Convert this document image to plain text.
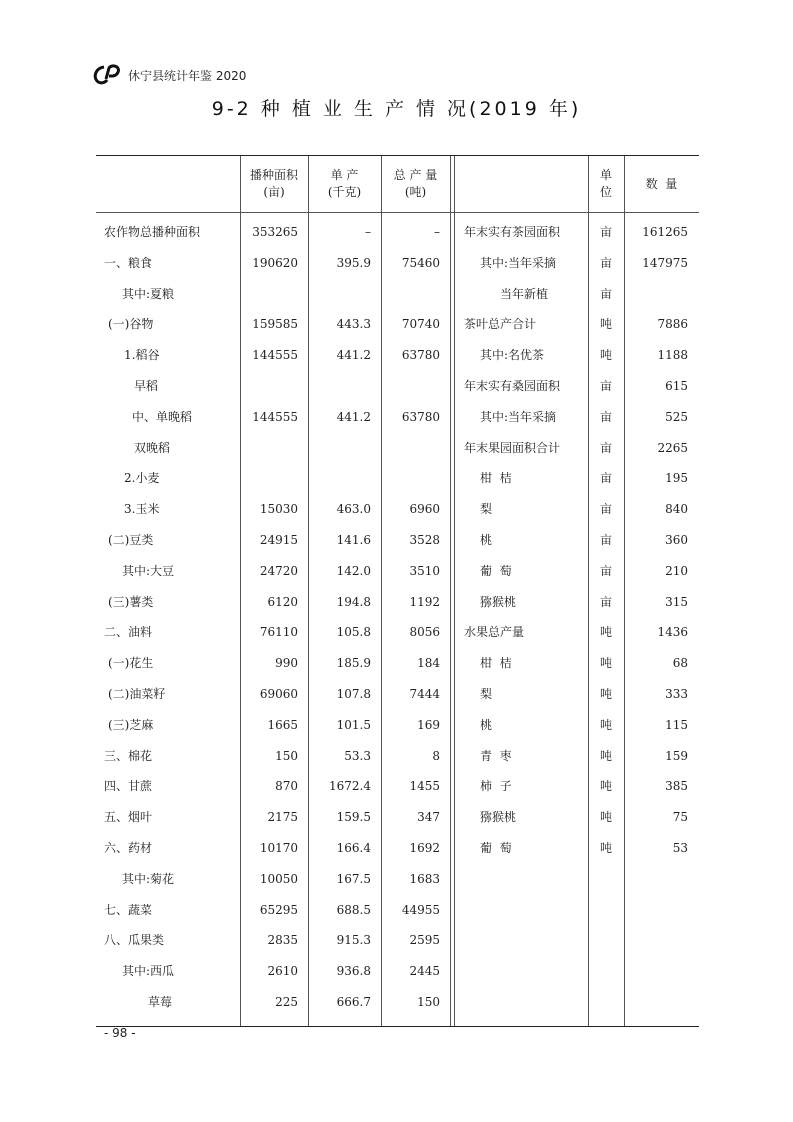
休宁县统计年鉴 2020
9-2 种 植 业 生 产 情 况(2019 年)
播种面积
(亩)
单 产
(千克)
总 产 量
(吨)
单
位
数  量
农作物总播种面积	353265	–	–
一、粮食	190620	395.9	75460
其中:夏粮
(一)谷物	159585	443.3	70740
1.稻谷	144555	441.2	63780
早稻
中、单晚稻	144555	441.2	63780
双晚稻
2.小麦
3.玉米	15030	463.0	6960
(二)豆类	24915	141.6	3528
其中:大豆	24720	142.0	3510
(三)薯类	6120	194.8	1192
二、油料	76110	105.8	8056
(一)花生	990	185.9	184
(二)油菜籽	69060	107.8	7444
(三)芝麻	1665	101.5	169
三、棉花	150	53.3	8
四、甘蔗	870	1672.4	1455
五、烟叶	2175	159.5	347
六、药材	10170	166.4	1692
其中:菊花	10050	167.5	1683
七、蔬菜	65295	688.5	44955
八、瓜果类	2835	915.3	2595
其中:西瓜	2610	936.8	2445
草莓	225	666.7	150
年末实有茶园面积	亩	161265
其中:当年采摘	亩	147975
当年新植	亩
茶叶总产合计	吨	7886
其中:名优茶	吨	1188
年末实有桑园面积	亩	615
其中:当年采摘	亩	525
年末果园面积合计	亩	2265
柑  桔	亩	195
梨	亩	840
桃	亩	360
葡  萄	亩	210
猕猴桃	亩	315
水果总产量	吨	1436
柑  桔	吨	68
梨	吨	333
桃	吨	115
青  枣	吨	159
柿  子	吨	385
猕猴桃	吨	75
葡  萄	吨	53
- 98 -
